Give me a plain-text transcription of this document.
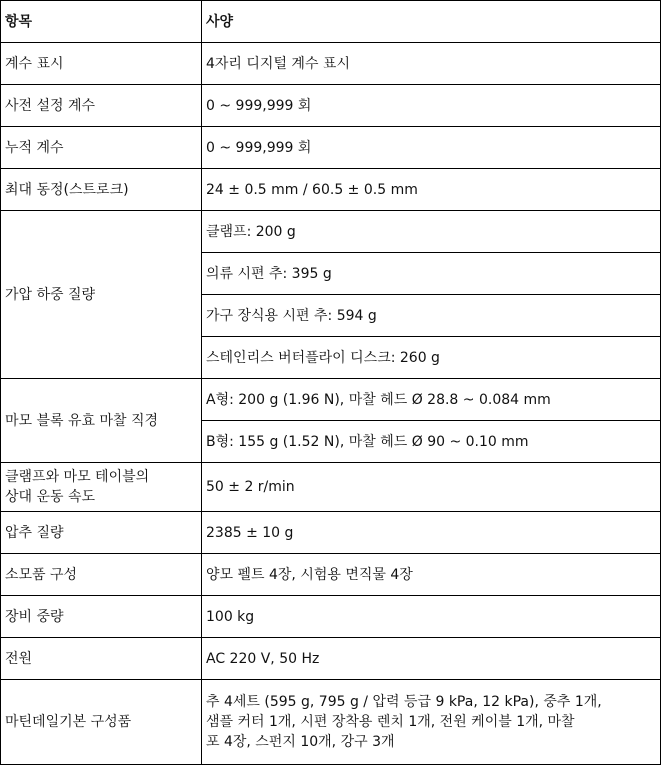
항목	사양
계수 표시	4자리 디지털 계수 표시
사전 설정 계수	0 ~ 999,999 회
누적 계수	0 ~ 999,999 회
최대 동정(스트로크)	24 ± 0.5 mm / 60.5 ± 0.5 mm
가압 하중 질량	클램프: 200 g
	의류 시편 추: 395 g
	가구 장식용 시편 추: 594 g
	스테인리스 버터플라이 디스크: 260 g
마모 블록 유효 마찰 직경	A형: 200 g (1.96 N), 마찰 헤드 Ø 28.8 ~ 0.084 mm
	B형: 155 g (1.52 N), 마찰 헤드 Ø 90 ~ 0.10 mm
클램프와 마모 테이블의
상대 운동 속도	50 ± 2 r/min
압추 질량	2385 ± 10 g
소모품 구성	양모 펠트 4장, 시험용 면직물 4장
장비 중량	100 kg
전원	AC 220 V, 50 Hz
마틴데일기본 구성품	추 4세트 (595 g, 795 g / 압력 등급 9 kPa, 12 kPa), 중추 1개,
샘플 커터 1개, 시편 장착용 렌치 1개, 전원 케이블 1개, 마찰
포 4장, 스펀지 10개, 강구 3개
